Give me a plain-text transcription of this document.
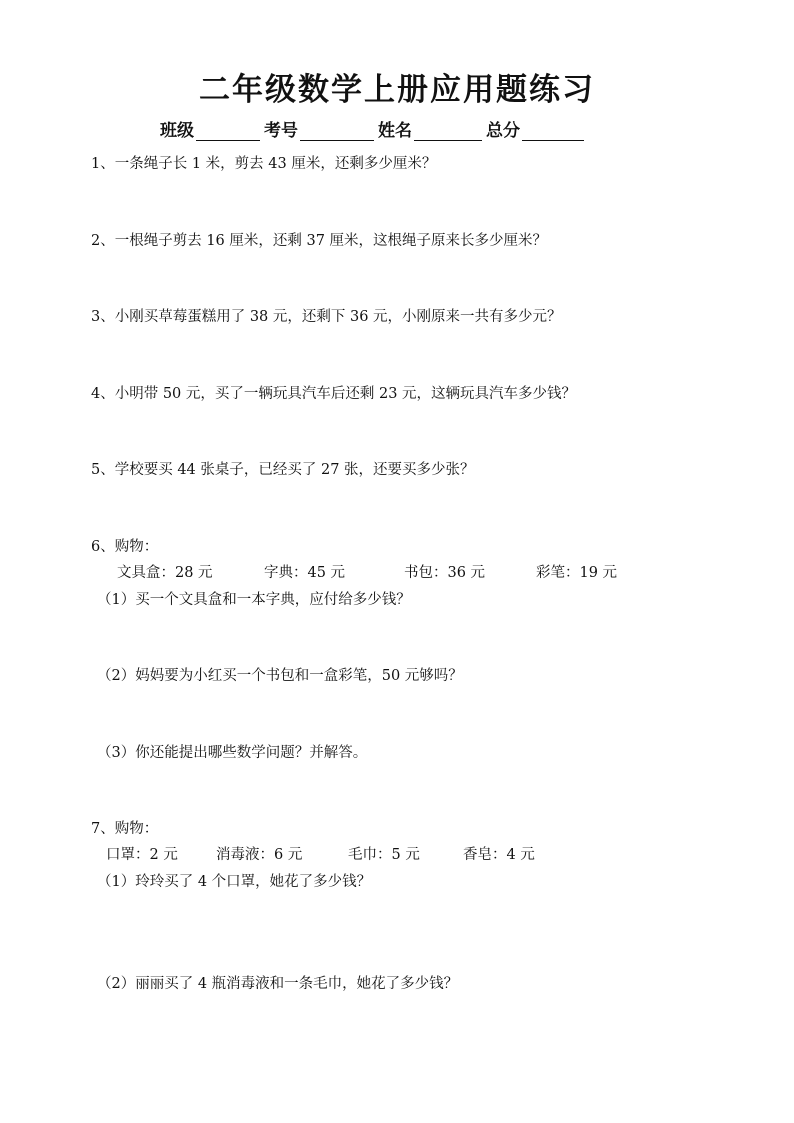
二年级数学上册应用题练习
班级	考号	姓名	总分
1、一条绳子长 1 米，剪去 43 厘米，还剩多少厘米？
2、一根绳子剪去 16 厘米，还剩 37 厘米，这根绳子原来长多少厘米？
3、小刚买草莓蛋糕用了 38 元，还剩下 36 元，小刚原来一共有多少元？
4、小明带 50 元，买了一辆玩具汽车后还剩 23 元，这辆玩具汽车多少钱？
5、学校要买 44 张桌子，已经买了 27 张，还要买多少张？
6、购物：
文具盒：28 元	字典：45 元	书包：36 元	彩笔：19 元
（1）买一个文具盒和一本字典，应付给多少钱？
（2）妈妈要为小红买一个书包和一盒彩笔，50 元够吗？
（3）你还能提出哪些数学问题？并解答。
7、购物：
口罩：2 元	消毒液：6 元	毛巾：5 元	香皂：4 元
（1）玲玲买了 4 个口罩，她花了多少钱？
（2）丽丽买了 4 瓶消毒液和一条毛巾，她花了多少钱？
